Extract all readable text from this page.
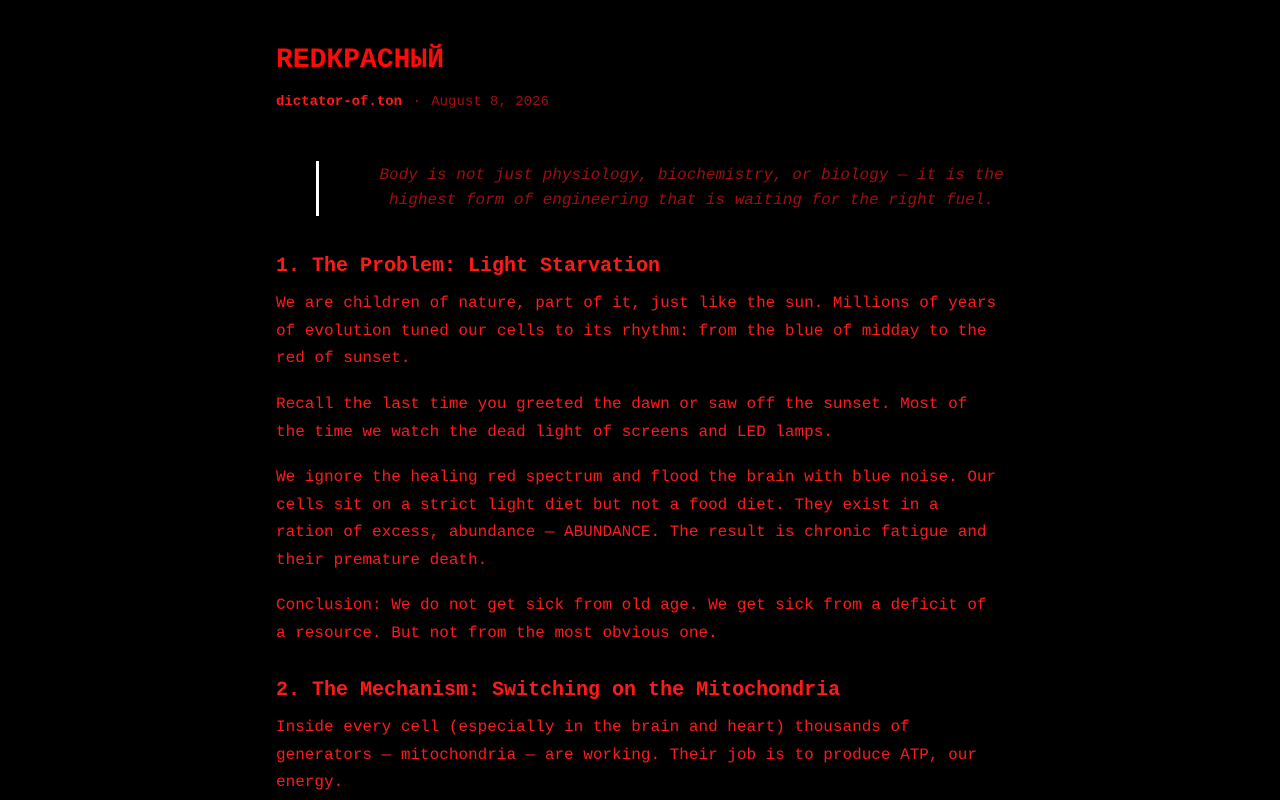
REDКРАСНЫЙ
dictator-of.ton · August 8, 2026

Body is not just physiology, biochemistry, or biology — it is the highest form of engineering that is waiting for the right fuel.

1. The Problem: Light Starvation

We are children of nature, part of it, just like the sun. Millions of years of evolution tuned our cells to its rhythm: from the blue of midday to the red of sunset.

Recall the last time you greeted the dawn or saw off the sunset. Most of the time we watch the dead light of screens and LED lamps.

We ignore the healing red spectrum and flood the brain with blue noise. Our cells sit on a strict light diet but not a food diet. They exist in a ration of excess, abundance — ABUNDANCE. The result is chronic fatigue and their premature death.

Conclusion: We do not get sick from old age. We get sick from a deficit of a resource. But not from the most obvious one.

2. The Mechanism: Switching on the Mitochondria

Inside every cell (especially in the brain and heart) thousands of generators — mitochondria — are working. Their job is to produce ATP, our energy.
